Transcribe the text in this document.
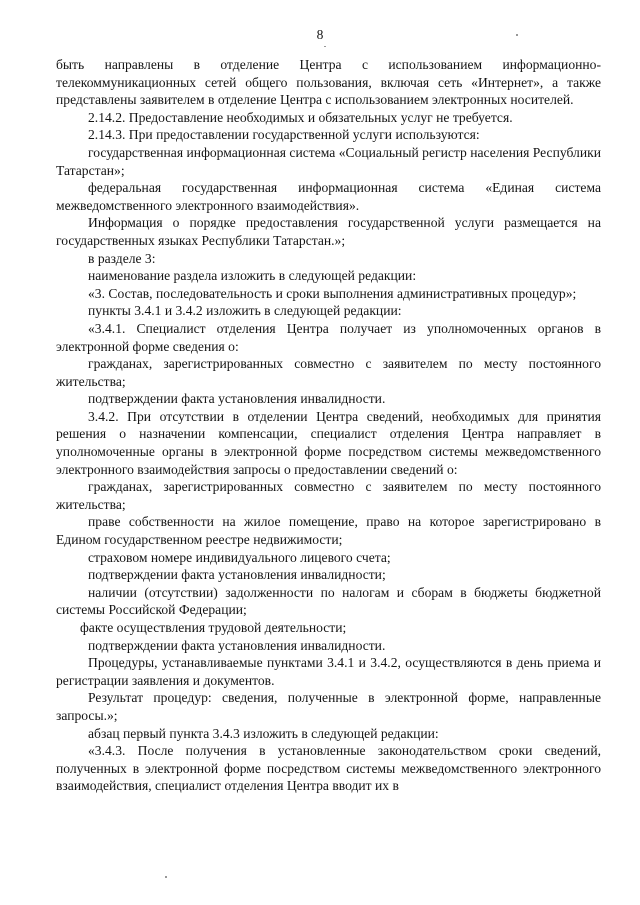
8

быть направлены в отделение Центра с использованием информационно-телекоммуникационных сетей общего пользования, включая сеть «Интернет», а также представлены заявителем в отделение Центра с использованием электронных носителей.

2.14.2. Предоставление необходимых и обязательных услуг не требуется.

2.14.3. При предоставлении государственной услуги используются:

государственная информационная система «Социальный регистр населения Республики Татарстан»;

федеральная государственная информационная система «Единая система межведомственного электронного взаимодействия».

Информация о порядке предоставления государственной услуги размещается на государственных языках Республики Татарстан.»;

в разделе 3:

наименование раздела изложить в следующей редакции:

«3. Состав, последовательность и сроки выполнения административных процедур»;

пункты 3.4.1 и 3.4.2 изложить в следующей редакции:

«3.4.1. Специалист отделения Центра получает из уполномоченных органов в электронной форме сведения о:

гражданах, зарегистрированных совместно с заявителем по месту постоянного жительства;

подтверждении факта установления инвалидности.

3.4.2. При отсутствии в отделении Центра сведений, необходимых для принятия решения о назначении компенсации, специалист отделения Центра направляет в уполномоченные органы в электронной форме посредством системы межведомственного электронного взаимодействия запросы о предоставлении сведений о:

гражданах, зарегистрированных совместно с заявителем по месту постоянного жительства;

праве собственности на жилое помещение, право на которое зарегистрировано в Едином государственном реестре недвижимости;

страховом номере индивидуального лицевого счета;

подтверждении факта установления инвалидности;

наличии (отсутствии) задолженности по налогам и сборам в бюджеты бюджетной системы Российской Федерации;

факте осуществления трудовой деятельности;

подтверждении факта установления инвалидности.

Процедуры, устанавливаемые пунктами 3.4.1 и 3.4.2, осуществляются в день приема и регистрации заявления и документов.

Результат процедур: сведения, полученные в электронной форме, направленные запросы.»;

абзац первый пункта 3.4.3 изложить в следующей редакции:

«3.4.3. После получения в установленные законодательством сроки сведений, полученных в электронной форме посредством системы межведомственного электронного взаимодействия, специалист отделения Центра вводит их в
